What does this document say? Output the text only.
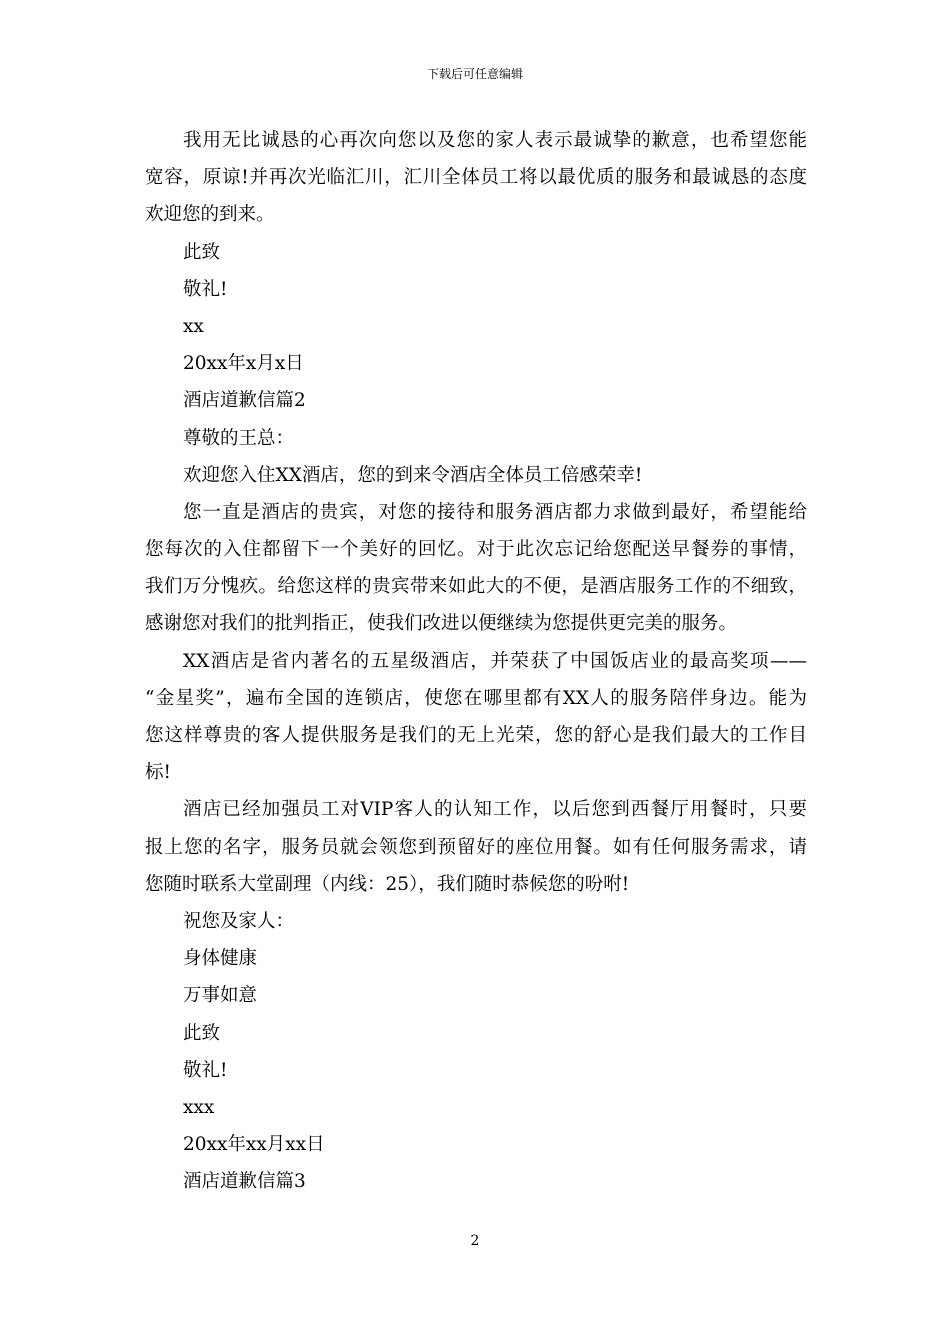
下载后可任意编辑
我用无比诚恳的心再次向您以及您的家人表示最诚挚的歉意，也希望您能
宽容，原谅!并再次光临汇川，汇川全体员工将以最优质的服务和最诚恳的态度
欢迎您的到来。
此致
敬礼!
xx
20xx年x月x日
酒店道歉信篇2
尊敬的王总：
欢迎您入住XX酒店，您的到来令酒店全体员工倍感荣幸!
您一直是酒店的贵宾，对您的接待和服务酒店都力求做到最好，希望能给
您每次的入住都留下一个美好的回忆。对于此次忘记给您配送早餐券的事情，
我们万分愧疚。给您这样的贵宾带来如此大的不便，是酒店服务工作的不细致，
感谢您对我们的批判指正，使我们改进以便继续为您提供更完美的服务。
XX酒店是省内著名的五星级酒店，并荣获了中国饭店业的最高奖项——
“金星奖”，遍布全国的连锁店，使您在哪里都有XX人的服务陪伴身边。能为
您这样尊贵的客人提供服务是我们的无上光荣，您的舒心是我们最大的工作目
标!
酒店已经加强员工对VIP客人的认知工作，以后您到西餐厅用餐时，只要
报上您的名字，服务员就会领您到预留好的座位用餐。如有任何服务需求，请
您随时联系大堂副理（内线：25），我们随时恭候您的吩咐!
祝您及家人：
身体健康
万事如意
此致
敬礼!
xxx
20xx年xx月xx日
酒店道歉信篇3
2
